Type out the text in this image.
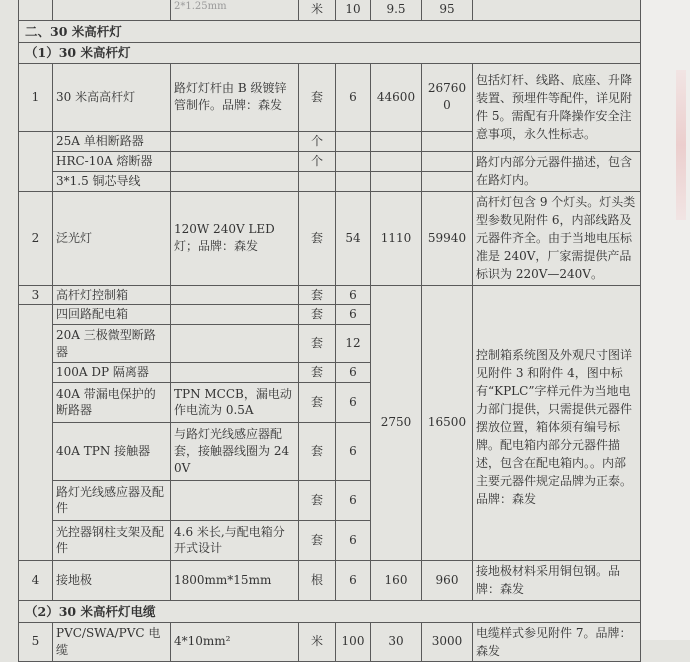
		2*1.25mm	米	10	9.5	95	
二、30 米高杆灯							
（1）30 米高杆灯							
1	30 米高高杆灯	路灯灯杆由 B 级镀锌管制作。品牌：森发	套	6	44600	267600	包括灯杆、线路、底座、升降装置、预埋件等配件，详见附件 5。需配有升降操作安全注意事项，永久性标志。
	25A 单相断路器		个				
	HRC-10A 熔断器		个				路灯内部分元器件描述，包含在路灯内。
	3*1.5 铜芯导线						
2	泛光灯	120W 240V LED 灯；品牌：森发	套	54	1110	59940	高杆灯包含 9 个灯头。灯头类型参数见附件 6，内部线路及元器件齐全。由于当地电压标准是 240V，厂家需提供产品标识为 220V—240V。
3	高杆灯控制箱		套	6	2750	16500	控制箱系统图及外观尺寸图详见附件 3 和附件 4，图中标有“KPLC”字样元件为当地电力部门提供，只需提供元器件摆放位置，箱体须有编号标牌。配电箱内部分元器件描述，包含在配电箱内。。内部主要元器件规定品牌为正泰。品牌：森发
	四回路配电箱		套	6			
	20A 三极微型断路器		套	12			
	100A DP 隔离器		套	6			
	40A 带漏电保护的断路器	TPN MCCB，漏电动作电流为 0.5A	套	6			
	40A TPN 接触器	与路灯光线感应器配套，接触器线圈为 240V	套	6			
	路灯光线感应器及配件		套	6			
	光控器钢柱支架及配件	4.6 米长,与配电箱分开式设计	套	6			
4	接地极	1800mm*15mm	根	6	160	960	接地极材料采用铜包钢。品牌：森发
（2）30 米高杆灯电缆							
5	PVC/SWA/PVC 电缆	4*10mm²	米	100	30	3000	电缆样式参见附件 7。品牌：森发
